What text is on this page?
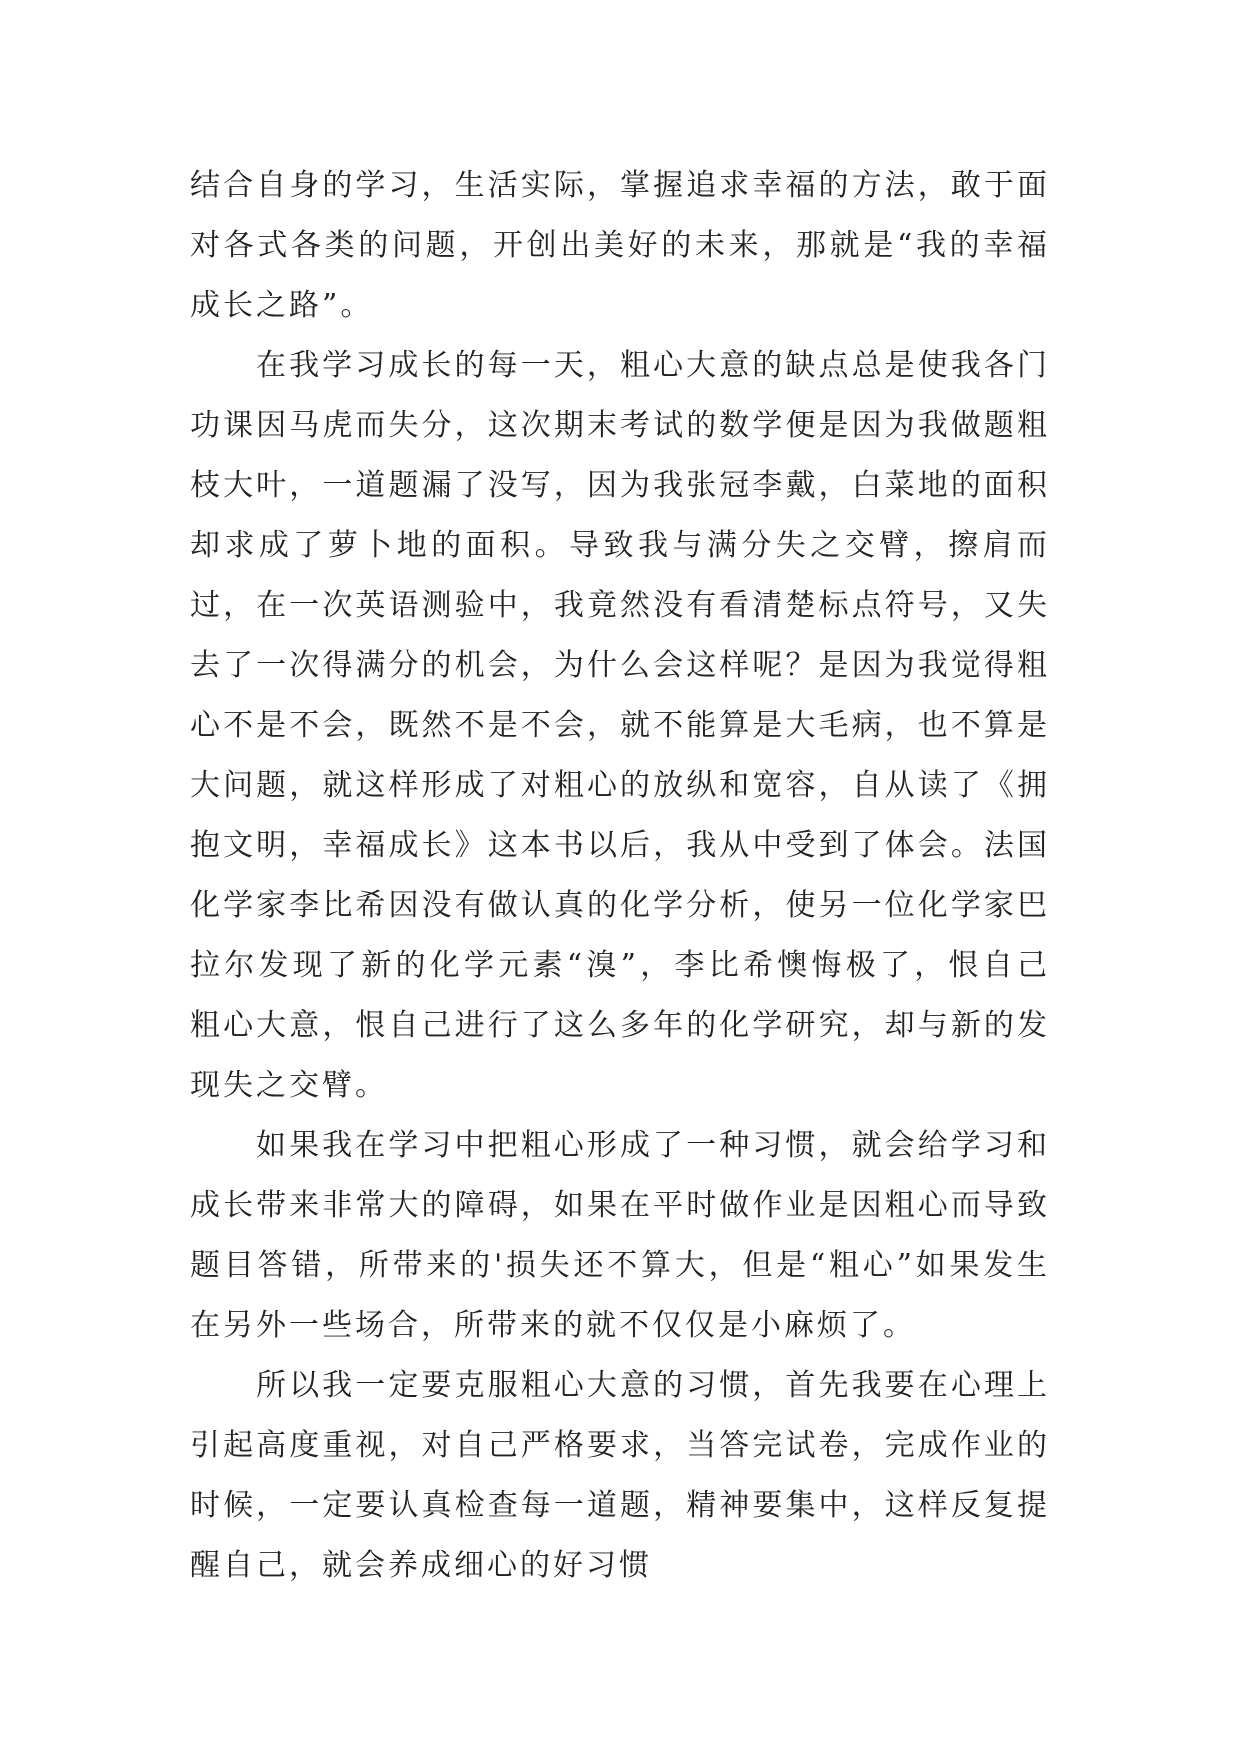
结合自身的学习，生活实际，掌握追求幸福的方法，敢于面对各式各类的问题，开创出美好的未来，那就是“我的幸福成长之路”。

在我学习成长的每一天，粗心大意的缺点总是使我各门功课因马虎而失分，这次期末考试的数学便是因为我做题粗枝大叶，一道题漏了没写，因为我张冠李戴，白菜地的面积却求成了萝卜地的面积。导致我与满分失之交臂，擦肩而过，在一次英语测验中，我竟然没有看清楚标点符号，又失去了一次得满分的机会，为什么会这样呢？是因为我觉得粗心不是不会，既然不是不会，就不能算是大毛病，也不算是大问题，就这样形成了对粗心的放纵和宽容，自从读了《拥抱文明，幸福成长》这本书以后，我从中受到了体会。法国化学家李比希因没有做认真的化学分析，使另一位化学家巴拉尔发现了新的化学元素“溴”，李比希懊悔极了，恨自己粗心大意，恨自己进行了这么多年的化学研究，却与新的发现失之交臂。

如果我在学习中把粗心形成了一种习惯，就会给学习和成长带来非常大的障碍，如果在平时做作业是因粗心而导致题目答错，所带来的'损失还不算大，但是“粗心”如果发生在另外一些场合，所带来的就不仅仅是小麻烦了。

所以我一定要克服粗心大意的习惯，首先我要在心理上引起高度重视，对自己严格要求，当答完试卷，完成作业的时候，一定要认真检查每一道题，精神要集中，这样反复提醒自己，就会养成细心的好习惯
